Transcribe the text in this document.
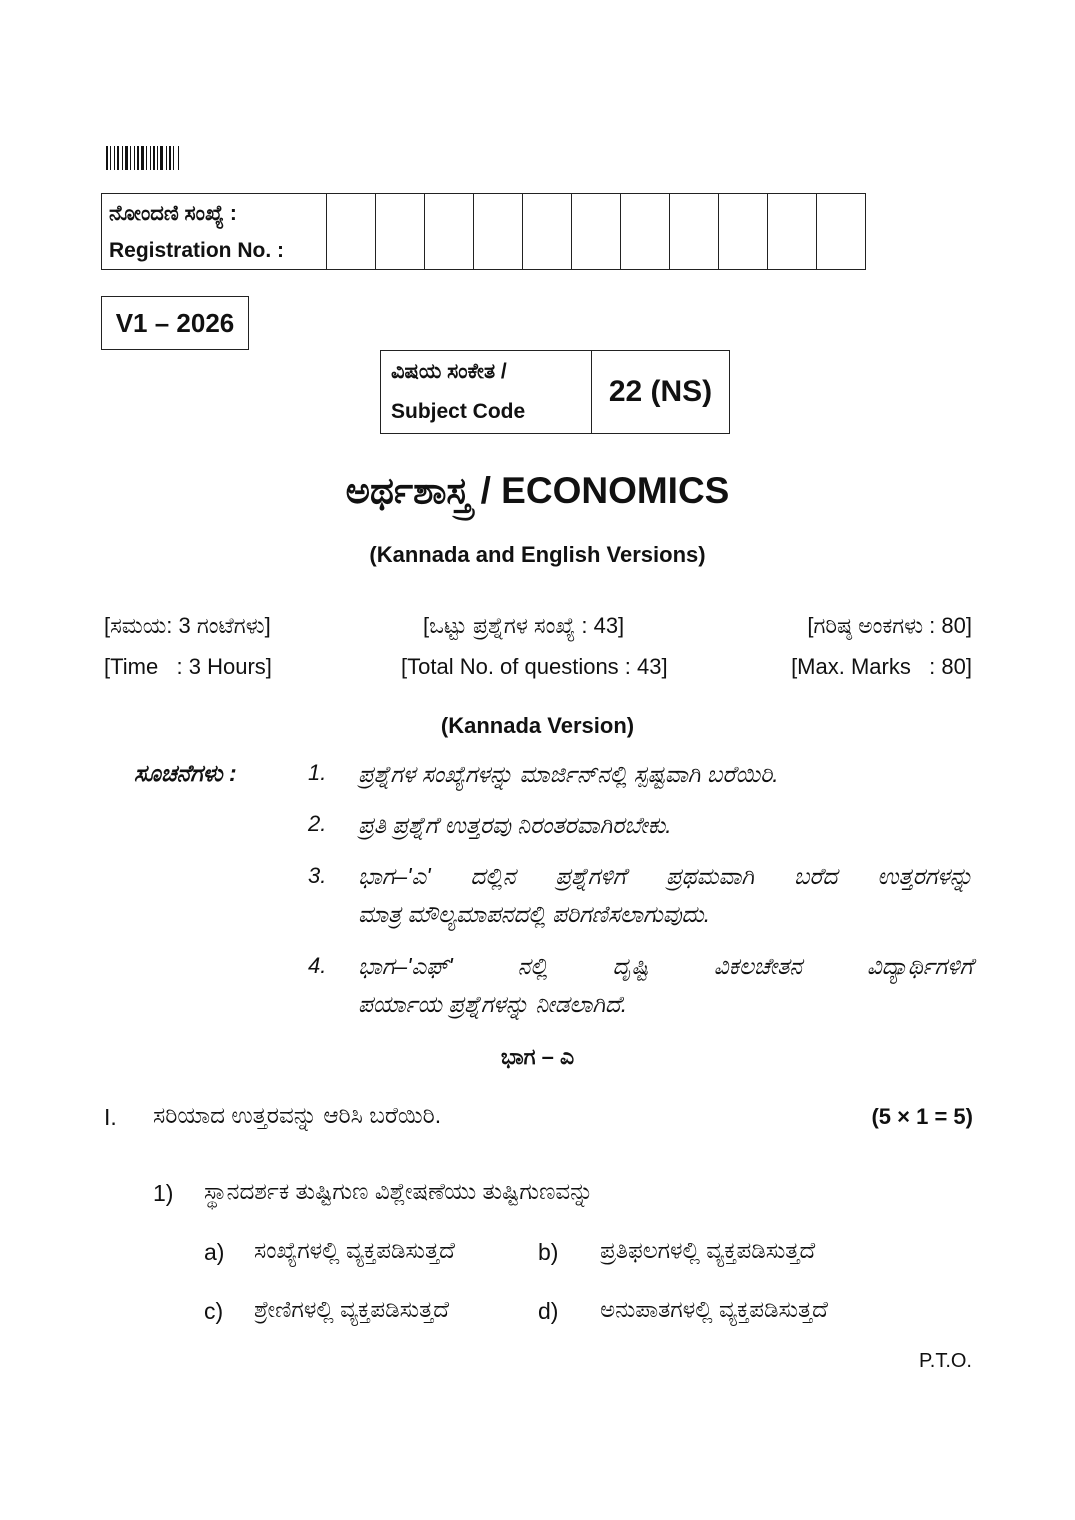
ನೋಂದಣಿ ಸಂಖ್ಯೆ :
Registration No. :

V1 – 2026
ವಿಷಯ ಸಂಕೇತ /
Subject Code
	22 (NS)
ಅರ್ಥಶಾಸ್ತ್ರ / ECONOMICS
(Kannada and English Versions)
[ಸಮಯ: 3 ಗಂಟೆಗಳು]	[ಒಟ್ಟು ಪ್ರಶ್ನೆಗಳ ಸಂಖ್ಯೆ : 43]	[ಗರಿಷ್ಠ ಅಂಕಗಳು : 80]
[Time   : 3 Hours]	[Total No. of questions : 43]	[Max. Marks   : 80]
(Kannada Version)
ಸೂಚನೆಗಳು :	1. ಪ್ರಶ್ನೆಗಳ ಸಂಖ್ಯೆಗಳನ್ನು ಮಾರ್ಜಿನ್‌ನಲ್ಲಿ ಸ್ಪಷ್ಟವಾಗಿ ಬರೆಯಿರಿ.
2. ಪ್ರತಿ ಪ್ರಶ್ನೆಗೆ ಉತ್ತರವು ನಿರಂತರವಾಗಿರಬೇಕು.
3. ಭಾಗ–'ಎ' ದಲ್ಲಿನ ಪ್ರಶ್ನೆಗಳಿಗೆ ಪ್ರಥಮವಾಗಿ ಬರೆದ ಉತ್ತರಗಳನ್ನು
ಮಾತ್ರ ಮೌಲ್ಯಮಾಪನದಲ್ಲಿ ಪರಿಗಣಿಸಲಾಗುವುದು.
4. ಭಾಗ–'ಎಫ್' ನಲ್ಲಿ ದೃಷ್ಟಿ ವಿಕಲಚೇತನ ವಿದ್ಯಾರ್ಥಿಗಳಿಗೆ
ಪರ್ಯಾಯ ಪ್ರಶ್ನೆಗಳನ್ನು ನೀಡಲಾಗಿದೆ.
ಭಾಗ – ಎ
I. ಸರಿಯಾದ ಉತ್ತರವನ್ನು ಆರಿಸಿ ಬರೆಯಿರಿ.	(5 × 1 = 5)
1) ಸ್ಥಾನದರ್ಶಕ ತುಷ್ಟಿಗುಣ ವಿಶ್ಲೇಷಣೆಯು ತುಷ್ಟಿಗುಣವನ್ನು
a) ಸಂಖ್ಯೆಗಳಲ್ಲಿ ವ್ಯಕ್ತಪಡಿಸುತ್ತದೆ	b) ಪ್ರತಿಫಲಗಳಲ್ಲಿ ವ್ಯಕ್ತಪಡಿಸುತ್ತದೆ
c) ಶ್ರೇಣಿಗಳಲ್ಲಿ ವ್ಯಕ್ತಪಡಿಸುತ್ತದೆ	d) ಅನುಪಾತಗಳಲ್ಲಿ ವ್ಯಕ್ತಪಡಿಸುತ್ತದೆ
P.T.O.
